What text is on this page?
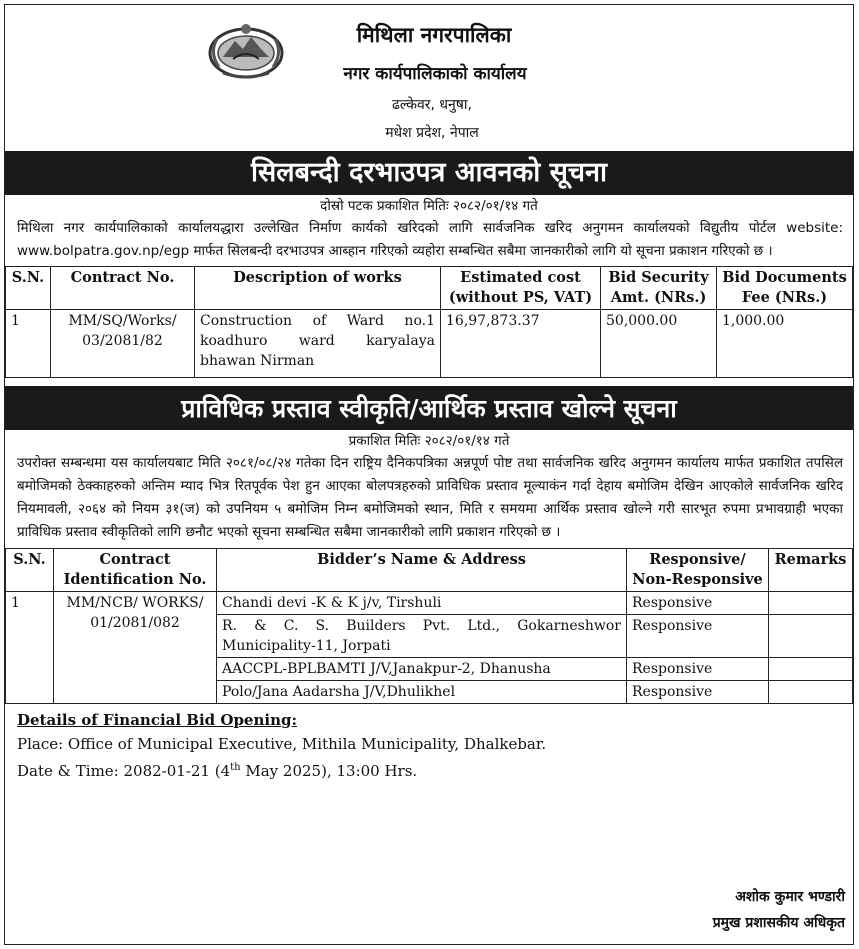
मिथिला नगरपालिका
नगर कार्यपालिकाको कार्यालय
ढल्केवर, धनुषा,
मधेश प्रदेश, नेपाल
सिलबन्दी दरभाउपत्र आवनको सूचना
दोस्रो पटक प्रकाशित मितिः २०८२/०१/१४ गते
मिथिला नगर कार्यपालिकाको कार्यालयद्धारा उल्लेखित निर्माण कार्यको खरिदको लागि सार्वजनिक खरिद अनुगमन कार्यालयको विद्युतीय पोर्टल website: www.bolpatra.gov.np/egp मार्फत सिलबन्दी दरभाउपत्र आब्हान गरिएको व्यहोरा सम्बन्धित सबैमा जानकारीको लागि यो सूचना प्रकाशन गरिएको छ ।
S.N.	Contract No.	Description of works	Estimated cost (without PS, VAT)	Bid Security Amt. (NRs.)	Bid Documents Fee (NRs.)
1	MM/SQ/Works/ 03/2081/82	Construction of Ward no.1 koadhuro ward karyalaya bhawan Nirman	16,97,873.37	50,000.00	1,000.00
प्राविधिक प्रस्ताव स्वीकृति/आर्थिक प्रस्ताव खोल्ने सूचना
प्रकाशित मितिः २०८२/०१/१४ गते
उपरोक्त सम्बन्धमा यस कार्यालयबाट मिति २०८१/०८/२४ गतेका दिन राष्ट्रिय दैनिकपत्रिका अन्नपूर्ण पोष्ट तथा सार्वजनिक खरिद अनुगमन कार्यालय मार्फत प्रकाशित तपसिल बमोजिमको ठेक्काहरुको अन्तिम म्याद भित्र रितपूर्वक पेश हुन आएका बोलपत्रहरुको प्राविधिक प्रस्ताव मूल्याकंन गर्दा देहाय बमोजिम देखिन आएकोले सार्वजनिक खरिद नियमावली, २०६४ को नियम ३१(ज) को उपनियम ५ बमोजिम निम्न बमोजिमको स्थान, मिति र समयमा आर्थिक प्रस्ताव खोल्ने गरी सारभूत रुपमा प्रभावग्राही भएका प्राविधिक प्रस्ताव स्वीकृतिको लागि छनौट भएको सूचना सम्बन्धित सबैमा जानकारीको लागि प्रकाशन गरिएको छ ।
S.N.	Contract Identification No.	Bidder’s Name & Address	Responsive/ Non-Responsive	Remarks
1	MM/NCB/ WORKS/ 01/2081/082	Chandi devi -K & K j/v, Tirshuli	Responsive	
		R. & C. S. Builders Pvt. Ltd., Gokarneshwor Municipality-11, Jorpati	Responsive	
		AACCPL-BPLBAMTI J/V,Janakpur-2, Dhanusha	Responsive	
		Polo/Jana Aadarsha J/V,Dhulikhel	Responsive	
Details of Financial Bid Opening:
Place: Office of Municipal Executive, Mithila Municipality, Dhalkebar.
Date & Time: 2082-01-21 (4th May 2025), 13:00 Hrs.
अशोक कुमार भण्डारी
प्रमुख प्रशासकीय अधिकृत
